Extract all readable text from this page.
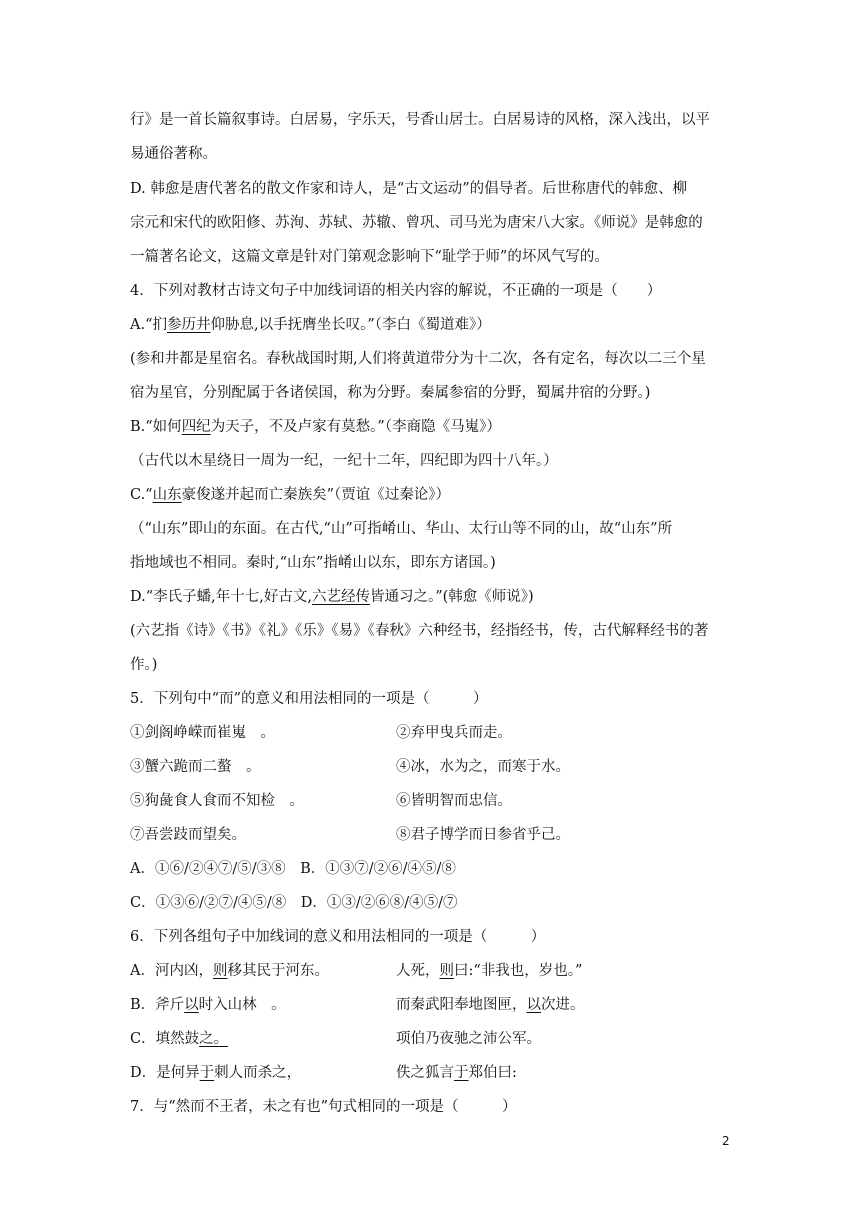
行》是一首长篇叙事诗。白居易，字乐天，号香山居士。白居易诗的风格，深入浅出，以平
易通俗著称。
D. 韩愈是唐代著名的散文作家和诗人，是“古文运动”的倡导者。后世称唐代的韩愈、柳
宗元和宋代的欧阳修、苏洵、苏轼、苏辙、曾巩、司马光为唐宋八大家。《师说》是韩愈的
一篇著名论文，这篇文章是针对门第观念影响下“耻学于师”的坏风气写的。
4．下列对教材古诗文句子中加线词语的相关内容的解说，不正确的一项是（　　）
A.“扪参历井仰胁息,以手抚膺坐长叹。”（李白《蜀道难》）
(参和井都是星宿名。春秋战国时期,人们将黄道带分为十二次，各有定名，每次以二三个星
宿为星官，分别配属于各诸侯国，称为分野。秦属参宿的分野，蜀属井宿的分野。)
B.“如何四纪为天子，不及卢家有莫愁。”（李商隐《马嵬》）
（古代以木星绕日一周为一纪，一纪十二年，四纪即为四十八年。）
C.“山东豪俊遂并起而亡秦族矣”（贾谊《过秦论》）
（“山东”即山的东面。在古代,“山”可指崤山、华山、太行山等不同的山，故“山东”所
指地域也不相同。秦时,“山东”指崤山以东，即东方诸国。)
D.“李氏子蟠,年十七,好古文,六艺经传皆通习之。”(韩愈《师说》)
(六艺指《诗》《书》《礼》《乐》《易》《春秋》六种经书，经指经书，传，古代解释经书的著
作。)
5．下列句中“而”的意义和用法相同的一项是（　　　）
①剑阁峥嵘而崔嵬　。	②弃甲曳兵而走。
③蟹六跪而二螯　。	④冰，水为之，而寒于水。
⑤狗彘食人食而不知检　。	⑥皆明智而忠信。
⑦吾尝跂而望矣。	⑧君子博学而日参省乎己。
A．①⑥/②④⑦/⑤/③⑧　B．①③⑦/②⑥/④⑤/⑧
C．①③⑥/②⑦/④⑤/⑧　D．①③/②⑥⑧/④⑤/⑦
6．下列各组句子中加线词的意义和用法相同的一项是（　　　）
A．河内凶，则移其民于河东。	人死，则曰:“非我也，岁也。”
B．斧斤以时入山林　。	而秦武阳奉地图匣，以次进。
C．填然鼓之。	项伯乃夜驰之沛公军。
D．是何异于刺人而杀之，	佚之狐言于郑伯曰:
7．与“然而不王者，未之有也”句式相同的一项是（　　　）
2
